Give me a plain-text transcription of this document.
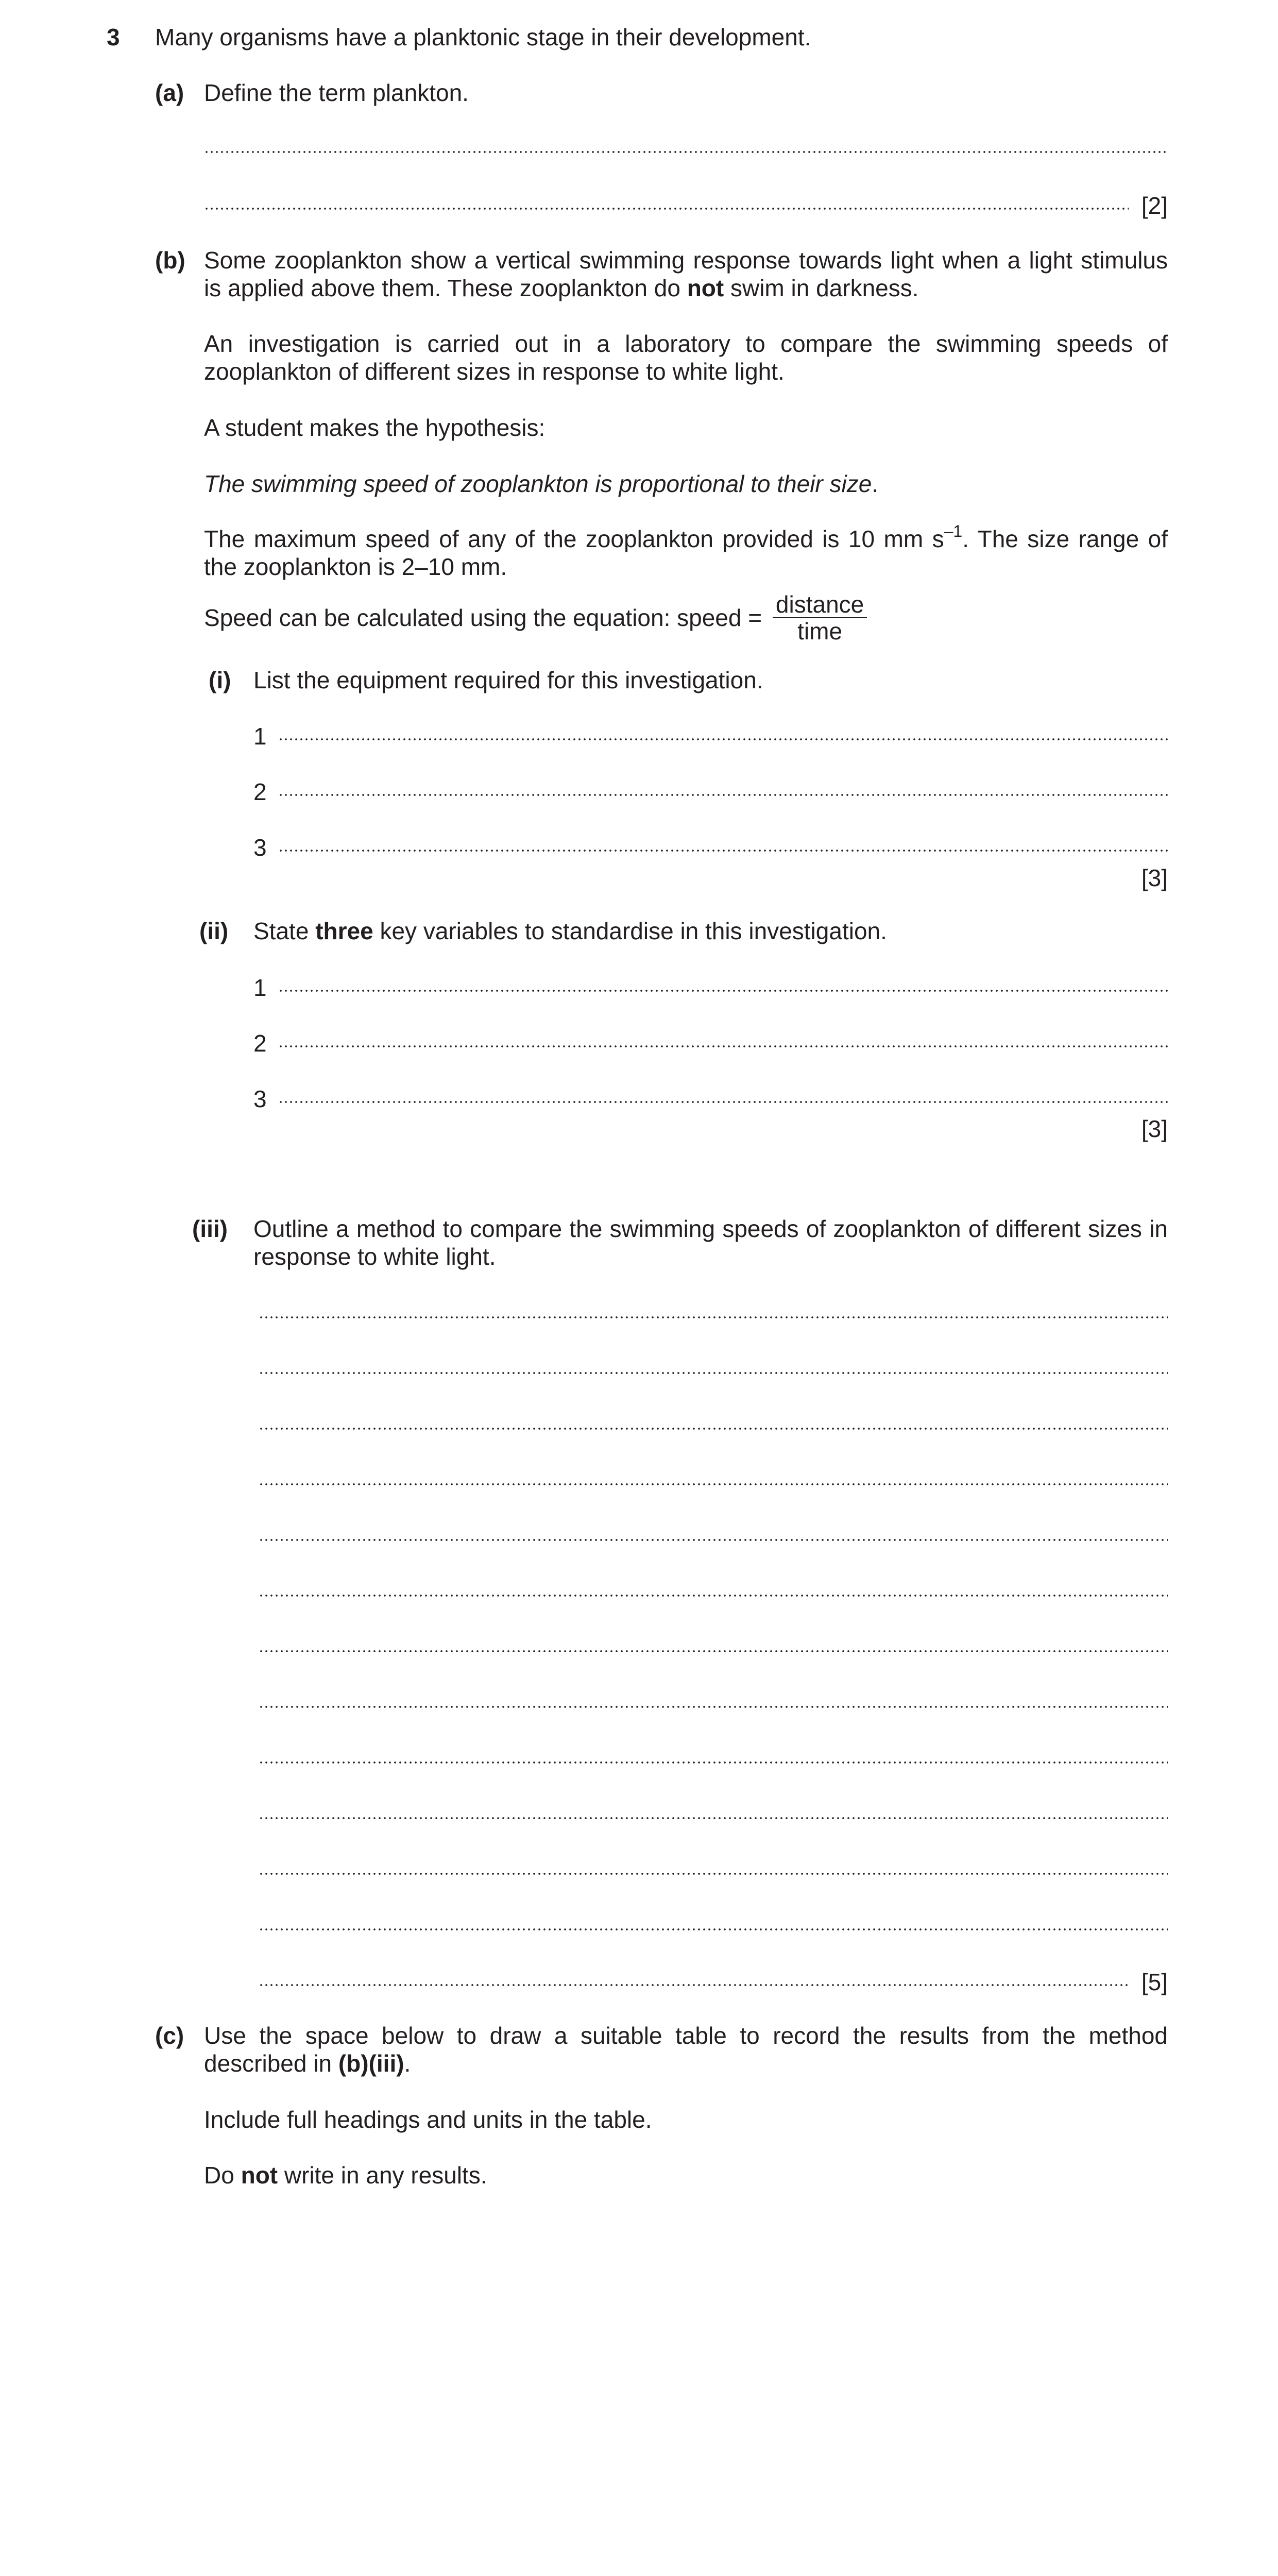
3 Many organisms have a planktonic stage in their development.
(a) Define the term plankton.
[2]
(b) Some zooplankton show a vertical swimming response towards light when a light stimulus is applied above them. These zooplankton do not swim in darkness.
An investigation is carried out in a laboratory to compare the swimming speeds of zooplankton of different sizes in response to white light.
A student makes the hypothesis:
The swimming speed of zooplankton is proportional to their size.
The maximum speed of any of the zooplankton provided is 10 mm $s^{-1}$. The size range of the zooplankton is 2–10 mm.
Speed can be calculated using the equation: speed = $\frac{\text{distance}}{\text{time}}$
(i) List the equipment required for this investigation.
1
2
3
[3]
(ii) State three key variables to standardise in this investigation.
1
2
3
[3]
(iii) Outline a method to compare the swimming speeds of zooplankton of different sizes in response to white light.
[5]
(c) Use the space below to draw a suitable table to record the results from the method described in (b)(iii).
Include full headings and units in the table.
Do not write in any results.
